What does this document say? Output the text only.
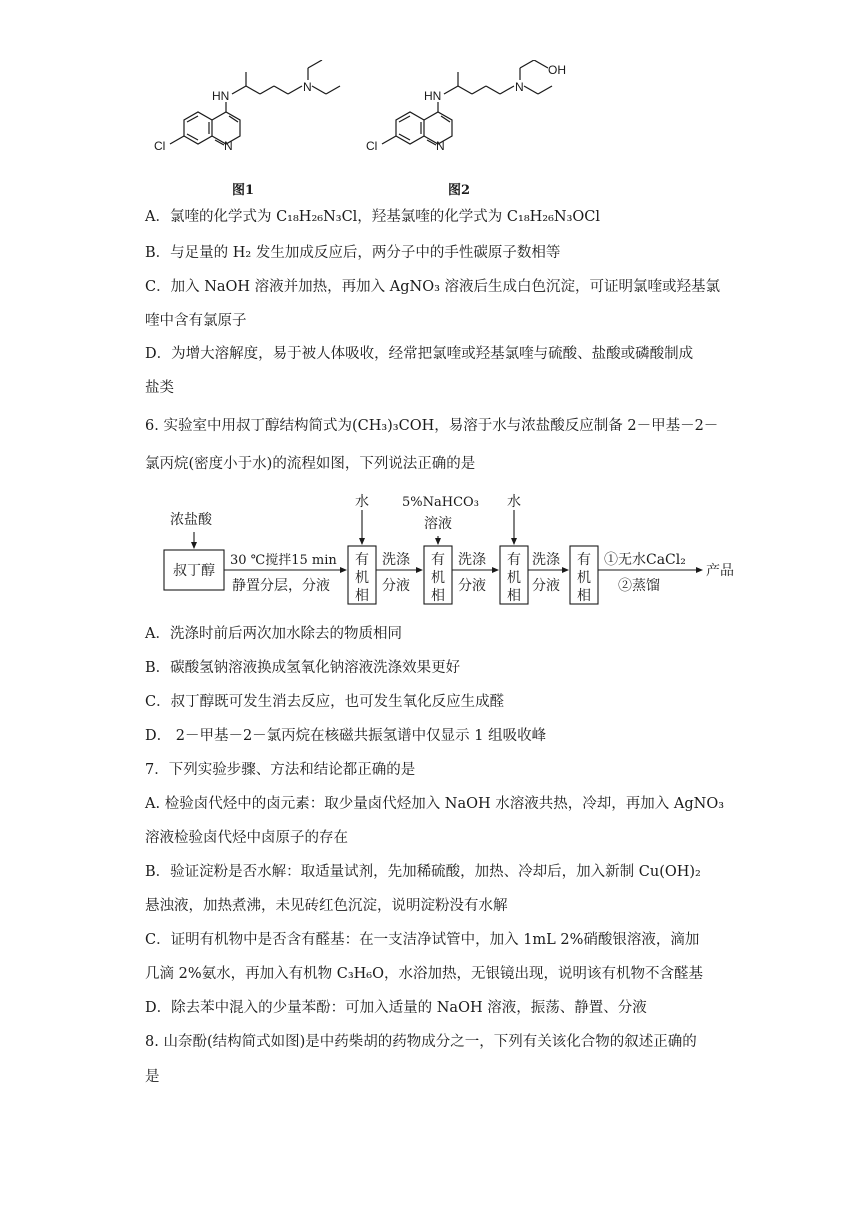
HN
N
N
Cl
图1
HN
N
N
Cl
OH
图2
A．氯喹的化学式为 C₁₈H₂₆N₃Cl，羟基氯喹的化学式为 C₁₈H₂₆N₃OCl
B．与足量的 H₂ 发生加成反应后，两分子中的手性碳原子数相等
C．加入 NaOH 溶液并加热，再加入 AgNO₃ 溶液后生成白色沉淀，可证明氯喹或羟基氯
喹中含有氯原子
D．为增大溶解度，易于被人体吸收，经常把氯喹或羟基氯喹与硫酸、盐酸或磷酸制成
盐类
6. 实验室中用叔丁醇结构简式为(CH₃)₃COH，易溶于水与浓盐酸反应制备 2－甲基－2－
氯丙烷(密度小于水)的流程如图，下列说法正确的是
浓盐酸
叔丁醇
30 ℃搅拌15 min
静置分层，分液
水	5%NaHCO₃
溶液
水
有
机
相
有
机
相
有
机
相
有
机
相
洗涤
分液
洗涤
分液
洗涤
分液
①无水CaCl₂
②蒸馏
产品
A．洗涤时前后两次加水除去的物质相同
B．碳酸氢钠溶液换成氢氧化钠溶液洗涤效果更好
C．叔丁醇既可发生消去反应，也可发生氧化反应生成醛
D． 2－甲基－2－氯丙烷在核磁共振氢谱中仅显示 1 组吸收峰
7．下列实验步骤、方法和结论都正确的是
A. 检验卤代烃中的卤元素：取少量卤代烃加入 NaOH 水溶液共热，冷却，再加入 AgNO₃
溶液检验卤代烃中卤原子的存在
B．验证淀粉是否水解：取适量试剂，先加稀硫酸，加热、冷却后，加入新制 Cu(OH)₂
悬浊液，加热煮沸，未见砖红色沉淀，说明淀粉没有水解
C．证明有机物中是否含有醛基：在一支洁净试管中，加入 1mL 2%硝酸银溶液，滴加
几滴 2%氨水，再加入有机物 C₃H₆O，水浴加热，无银镜出现，说明该有机物不含醛基
D．除去苯中混入的少量苯酚：可加入适量的 NaOH 溶液，振荡、静置、分液
8. 山奈酚(结构简式如图)是中药柴胡的药物成分之一，下列有关该化合物的叙述正确的
是
